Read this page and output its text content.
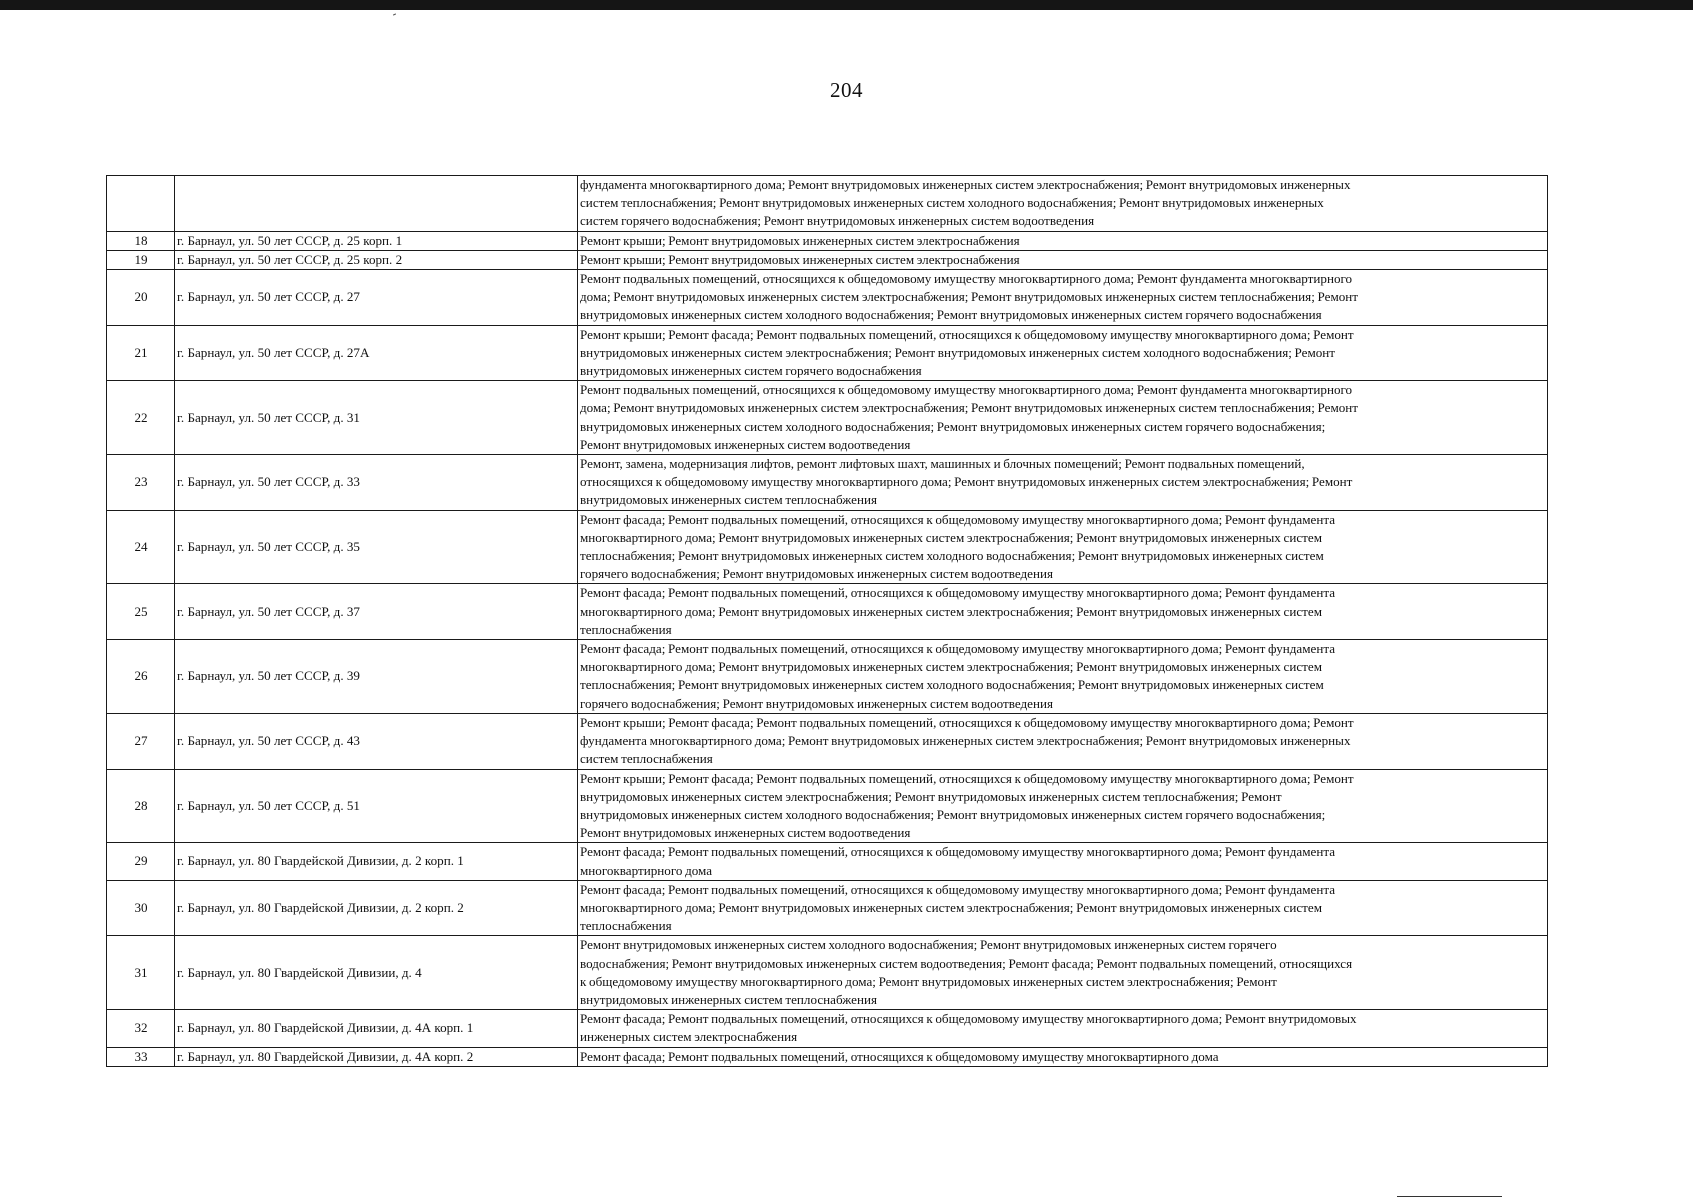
204

		фундамента многоквартирного дома; Ремонт внутридомовых инженерных систем электроснабжения; Ремонт внутридомовых инженерных
систем теплоснабжения; Ремонт внутридомовых инженерных систем холодного водоснабжения; Ремонт внутридомовых инженерных
систем горячего водоснабжения; Ремонт внутридомовых инженерных систем водоотведения

18	г. Барнаул, ул. 50 лет СССР, д. 25 корп. 1	Ремонт крыши; Ремонт внутридомовых инженерных систем электроснабжения

19	г. Барнаул, ул. 50 лет СССР, д. 25 корп. 2	Ремонт крыши; Ремонт внутридомовых инженерных систем электроснабжения

20	г. Барнаул, ул. 50 лет СССР, д. 27	Ремонт подвальных помещений, относящихся к общедомовому имуществу многоквартирного дома; Ремонт фундамента многоквартирного
дома; Ремонт внутридомовых инженерных систем электроснабжения; Ремонт внутридомовых инженерных систем теплоснабжения; Ремонт
внутридомовых инженерных систем холодного водоснабжения; Ремонт внутридомовых инженерных систем горячего водоснабжения

21	г. Барнаул, ул. 50 лет СССР, д. 27А	Ремонт крыши; Ремонт фасада; Ремонт подвальных помещений, относящихся к общедомовому имуществу многоквартирного дома; Ремонт
внутридомовых инженерных систем электроснабжения; Ремонт внутридомовых инженерных систем холодного водоснабжения; Ремонт
внутридомовых инженерных систем горячего водоснабжения

22	г. Барнаул, ул. 50 лет СССР, д. 31	Ремонт подвальных помещений, относящихся к общедомовому имуществу многоквартирного дома; Ремонт фундамента многоквартирного
дома; Ремонт внутридомовых инженерных систем электроснабжения; Ремонт внутридомовых инженерных систем теплоснабжения; Ремонт
внутридомовых инженерных систем холодного водоснабжения; Ремонт внутридомовых инженерных систем горячего водоснабжения;
Ремонт внутридомовых инженерных систем водоотведения

23	г. Барнаул, ул. 50 лет СССР, д. 33	Ремонт, замена, модернизация лифтов, ремонт лифтовых шахт, машинных и блочных помещений; Ремонт подвальных помещений,
относящихся к общедомовому имуществу многоквартирного дома; Ремонт внутридомовых инженерных систем электроснабжения; Ремонт
внутридомовых инженерных систем теплоснабжения

24	г. Барнаул, ул. 50 лет СССР, д. 35	Ремонт фасада; Ремонт подвальных помещений, относящихся к общедомовому имуществу многоквартирного дома; Ремонт фундамента
многоквартирного дома; Ремонт внутридомовых инженерных систем электроснабжения; Ремонт внутридомовых инженерных систем
теплоснабжения; Ремонт внутридомовых инженерных систем холодного водоснабжения; Ремонт внутридомовых инженерных систем
горячего водоснабжения; Ремонт внутридомовых инженерных систем водоотведения

25	г. Барнаул, ул. 50 лет СССР, д. 37	Ремонт фасада; Ремонт подвальных помещений, относящихся к общедомовому имуществу многоквартирного дома; Ремонт фундамента
многоквартирного дома; Ремонт внутридомовых инженерных систем электроснабжения; Ремонт внутридомовых инженерных систем
теплоснабжения

26	г. Барнаул, ул. 50 лет СССР, д. 39	Ремонт фасада; Ремонт подвальных помещений, относящихся к общедомовому имуществу многоквартирного дома; Ремонт фундамента
многоквартирного дома; Ремонт внутридомовых инженерных систем электроснабжения; Ремонт внутридомовых инженерных систем
теплоснабжения; Ремонт внутридомовых инженерных систем холодного водоснабжения; Ремонт внутридомовых инженерных систем
горячего водоснабжения; Ремонт внутридомовых инженерных систем водоотведения

27	г. Барнаул, ул. 50 лет СССР, д. 43	Ремонт крыши; Ремонт фасада; Ремонт подвальных помещений, относящихся к общедомовому имуществу многоквартирного дома; Ремонт
фундамента многоквартирного дома; Ремонт внутридомовых инженерных систем электроснабжения; Ремонт внутридомовых инженерных
систем теплоснабжения

28	г. Барнаул, ул. 50 лет СССР, д. 51	Ремонт крыши; Ремонт фасада; Ремонт подвальных помещений, относящихся к общедомовому имуществу многоквартирного дома; Ремонт
внутридомовых инженерных систем электроснабжения; Ремонт внутридомовых инженерных систем теплоснабжения; Ремонт
внутридомовых инженерных систем холодного водоснабжения; Ремонт внутридомовых инженерных систем горячего водоснабжения;
Ремонт внутридомовых инженерных систем водоотведения

29	г. Барнаул, ул. 80 Гвардейской Дивизии, д. 2 корп. 1	Ремонт фасада; Ремонт подвальных помещений, относящихся к общедомовому имуществу многоквартирного дома; Ремонт фундамента
многоквартирного дома

30	г. Барнаул, ул. 80 Гвардейской Дивизии, д. 2 корп. 2	Ремонт фасада; Ремонт подвальных помещений, относящихся к общедомовому имуществу многоквартирного дома; Ремонт фундамента
многоквартирного дома; Ремонт внутридомовых инженерных систем электроснабжения; Ремонт внутридомовых инженерных систем
теплоснабжения

31	г. Барнаул, ул. 80 Гвардейской Дивизии, д. 4	Ремонт внутридомовых инженерных систем холодного водоснабжения; Ремонт внутридомовых инженерных систем горячего
водоснабжения; Ремонт внутридомовых инженерных систем водоотведения; Ремонт фасада; Ремонт подвальных помещений, относящихся
к общедомовому имуществу многоквартирного дома; Ремонт внутридомовых инженерных систем электроснабжения; Ремонт
внутридомовых инженерных систем теплоснабжения

32	г. Барнаул, ул. 80 Гвардейской Дивизии, д. 4А корп. 1	Ремонт фасада; Ремонт подвальных помещений, относящихся к общедомовому имуществу многоквартирного дома; Ремонт внутридомовых
инженерных систем электроснабжения

33	г. Барнаул, ул. 80 Гвардейской Дивизии, д. 4А корп. 2	Ремонт фасада; Ремонт подвальных помещений, относящихся к общедомовому имуществу многоквартирного дома
